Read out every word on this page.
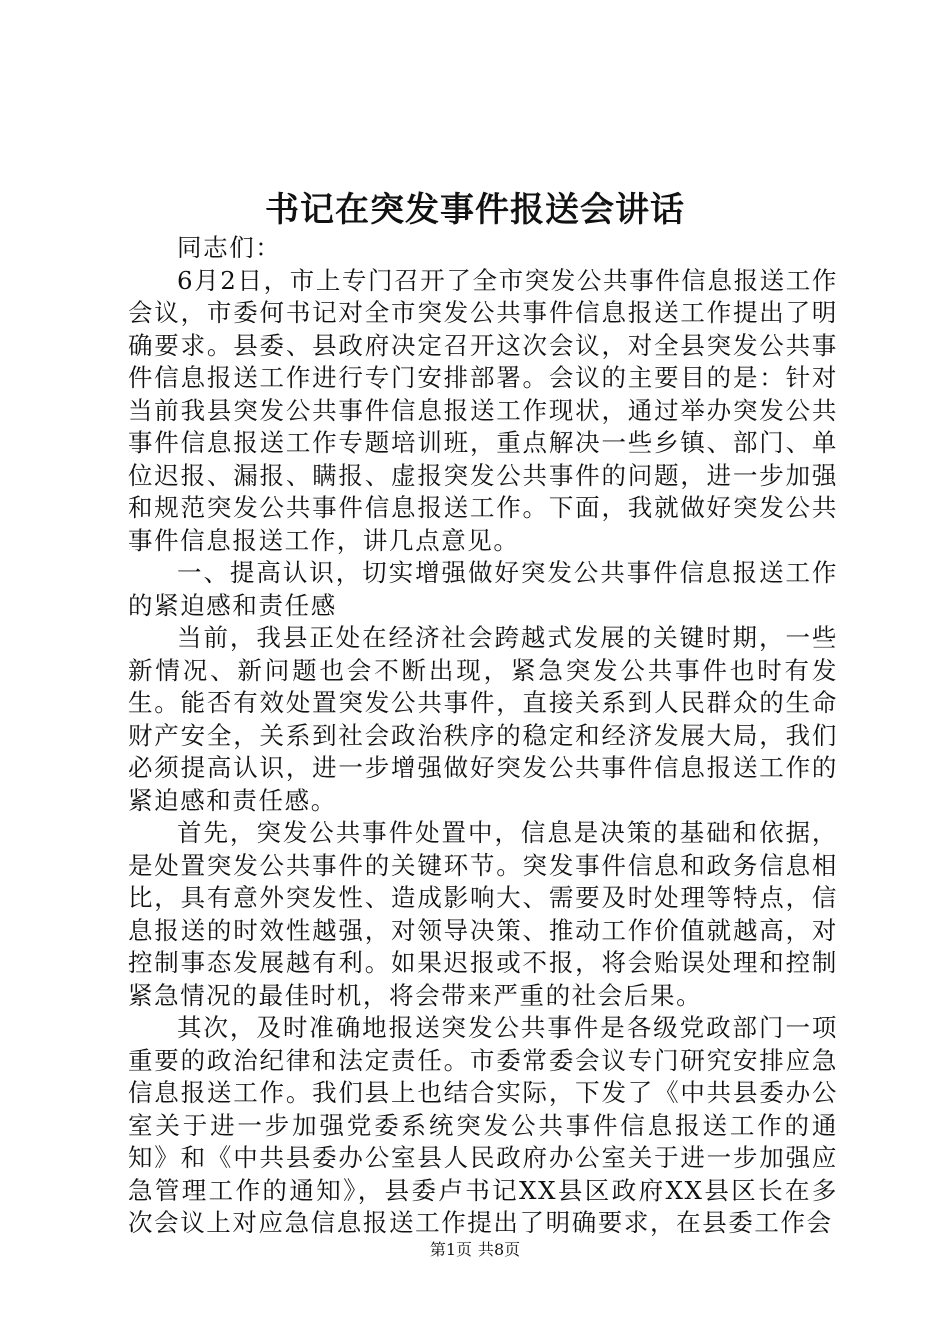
书记在突发事件报送会讲话

同志们：

6月2日，市上专门召开了全市突发公共事件信息报送工作会议，市委何书记对全市突发公共事件信息报送工作提出了明确要求。县委、县政府决定召开这次会议，对全县突发公共事件信息报送工作进行专门安排部署。会议的主要目的是：针对当前我县突发公共事件信息报送工作现状，通过举办突发公共事件信息报送工作专题培训班，重点解决一些乡镇、部门、单位迟报、漏报、瞒报、虚报突发公共事件的问题，进一步加强和规范突发公共事件信息报送工作。下面，我就做好突发公共事件信息报送工作，讲几点意见。

一、提高认识，切实增强做好突发公共事件信息报送工作的紧迫感和责任感

当前，我县正处在经济社会跨越式发展的关键时期，一些新情况、新问题也会不断出现，紧急突发公共事件也时有发生。能否有效处置突发公共事件，直接关系到人民群众的生命财产安全，关系到社会政治秩序的稳定和经济发展大局，我们必须提高认识，进一步增强做好突发公共事件信息报送工作的紧迫感和责任感。

首先，突发公共事件处置中，信息是决策的基础和依据，是处置突发公共事件的关键环节。突发事件信息和政务信息相比，具有意外突发性、造成影响大、需要及时处理等特点，信息报送的时效性越强，对领导决策、推动工作价值就越高，对控制事态发展越有利。如果迟报或不报，将会贻误处理和控制紧急情况的最佳时机，将会带来严重的社会后果。

其次，及时准确地报送突发公共事件是各级党政部门一项重要的政治纪律和法定责任。市委常委会议专门研究安排应急信息报送工作。我们县上也结合实际，下发了《中共县委办公室关于进一步加强党委系统突发公共事件信息报送工作的通知》和《中共县委办公室县人民政府办公室关于进一步加强应急管理工作的通知》，县委卢书记XX县区政府XX县区长在多次会议上对应急信息报送工作提出了明确要求，在县委工作会

第1页 共8页
